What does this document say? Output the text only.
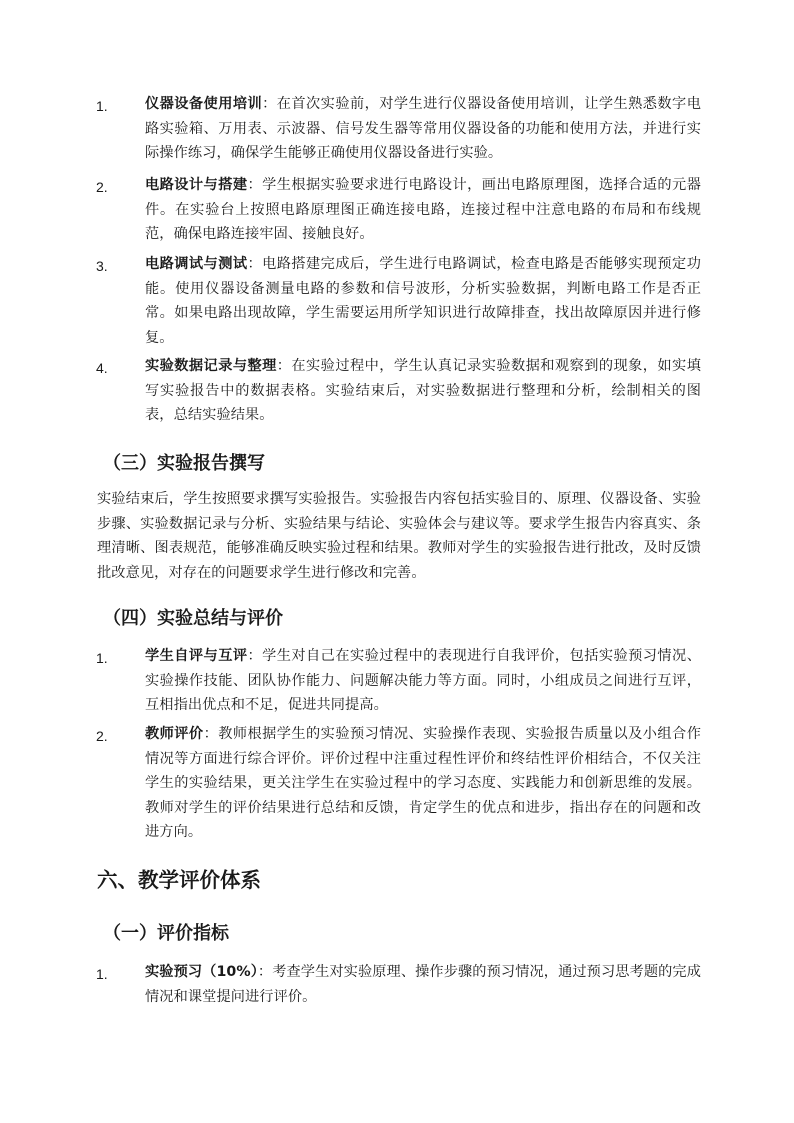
1.	仪器设备使用培训：在首次实验前，对学生进行仪器设备使用培训，让学生熟悉数字电路实验箱、万用表、示波器、信号发生器等常用仪器设备的功能和使用方法，并进行实际操作练习，确保学生能够正确使用仪器设备进行实验。
2.	电路设计与搭建：学生根据实验要求进行电路设计，画出电路原理图，选择合适的元器件。在实验台上按照电路原理图正确连接电路，连接过程中注意电路的布局和布线规范，确保电路连接牢固、接触良好。
3.	电路调试与测试：电路搭建完成后，学生进行电路调试，检查电路是否能够实现预定功能。使用仪器设备测量电路的参数和信号波形，分析实验数据，判断电路工作是否正常。如果电路出现故障，学生需要运用所学知识进行故障排查，找出故障原因并进行修复。
4.	实验数据记录与整理：在实验过程中，学生认真记录实验数据和观察到的现象，如实填写实验报告中的数据表格。实验结束后，对实验数据进行整理和分析，绘制相关的图表，总结实验结果。
（三）实验报告撰写
实验结束后，学生按照要求撰写实验报告。实验报告内容包括实验目的、原理、仪器设备、实验步骤、实验数据记录与分析、实验结果与结论、实验体会与建议等。要求学生报告内容真实、条理清晰、图表规范，能够准确反映实验过程和结果。教师对学生的实验报告进行批改，及时反馈批改意见，对存在的问题要求学生进行修改和完善。
（四）实验总结与评价
1.	学生自评与互评：学生对自己在实验过程中的表现进行自我评价，包括实验预习情况、实验操作技能、团队协作能力、问题解决能力等方面。同时，小组成员之间进行互评，互相指出优点和不足，促进共同提高。
2.	教师评价：教师根据学生的实验预习情况、实验操作表现、实验报告质量以及小组合作情况等方面进行综合评价。评价过程中注重过程性评价和终结性评价相结合，不仅关注学生的实验结果，更关注学生在实验过程中的学习态度、实践能力和创新思维的发展。教师对学生的评价结果进行总结和反馈，肯定学生的优点和进步，指出存在的问题和改进方向。
六、教学评价体系
（一）评价指标
1.	实验预习（10%）：考查学生对实验原理、操作步骤的预习情况，通过预习思考题的完成情况和课堂提问进行评价。
